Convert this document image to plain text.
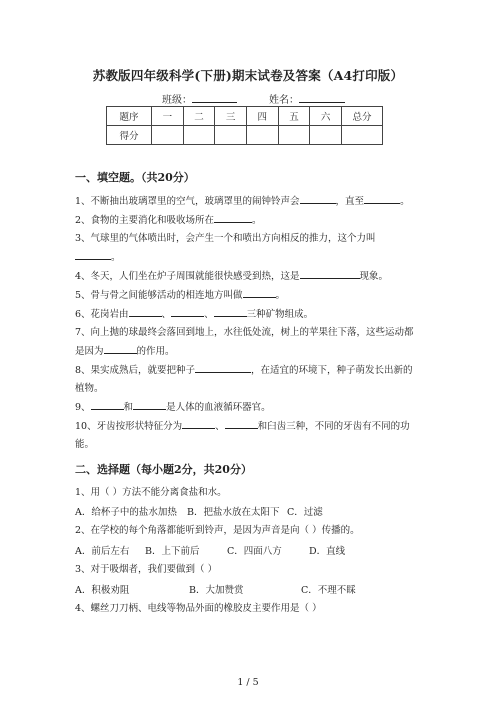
苏教版四年级科学(下册)期末试卷及答案（A4打印版）
班级：	姓名：
题序	一	二	三	四	五	六	总分
得分							
一、填空题。（共20分）
1、不断抽出玻璃罩里的空气，玻璃罩里的闹钟铃声会	，直至	。
2、食物的主要消化和吸收场所在	。
3、气球里的气体喷出时，会产生一个和喷出方向相反的推力，这个力叫
。
4、冬天，人们坐在炉子周围就能很快感受到热，这是	现象。
5、骨与骨之间能够活动的相连地方叫做	。
6、花岗岩由	、	、	三种矿物组成。
7、向上抛的球最终会落回到地上，水往低处流，树上的苹果往下落，这些运动都是因为	的作用。
8、果实成熟后，就要把种子	，在适宜的环境下，种子萌发长出新的植物。
9、	和	是人体的血液循环器官。
10、牙齿按形状特征分为	、	和臼齿三种，不同的牙齿有不同的功能。
二、选择题（每小题2分，共20分）
1、用（ ）方法不能分离食盐和水。
A．给杯子中的盐水加热 B．把盐水放在太阳下 C．过滤
2、在学校的每个角落都能听到铃声，是因为声音是向（ ）传播的。
A．前后左右 B．上下前后	C．四面八方	D．直线
3、对于吸烟者，我们要做到（ ）
A．积极劝阻	B．大加赞赏	C．不理不睬
4、螺丝刀刀柄、电线等物品外面的橡胶皮主要作用是（ ）
1 / 5
